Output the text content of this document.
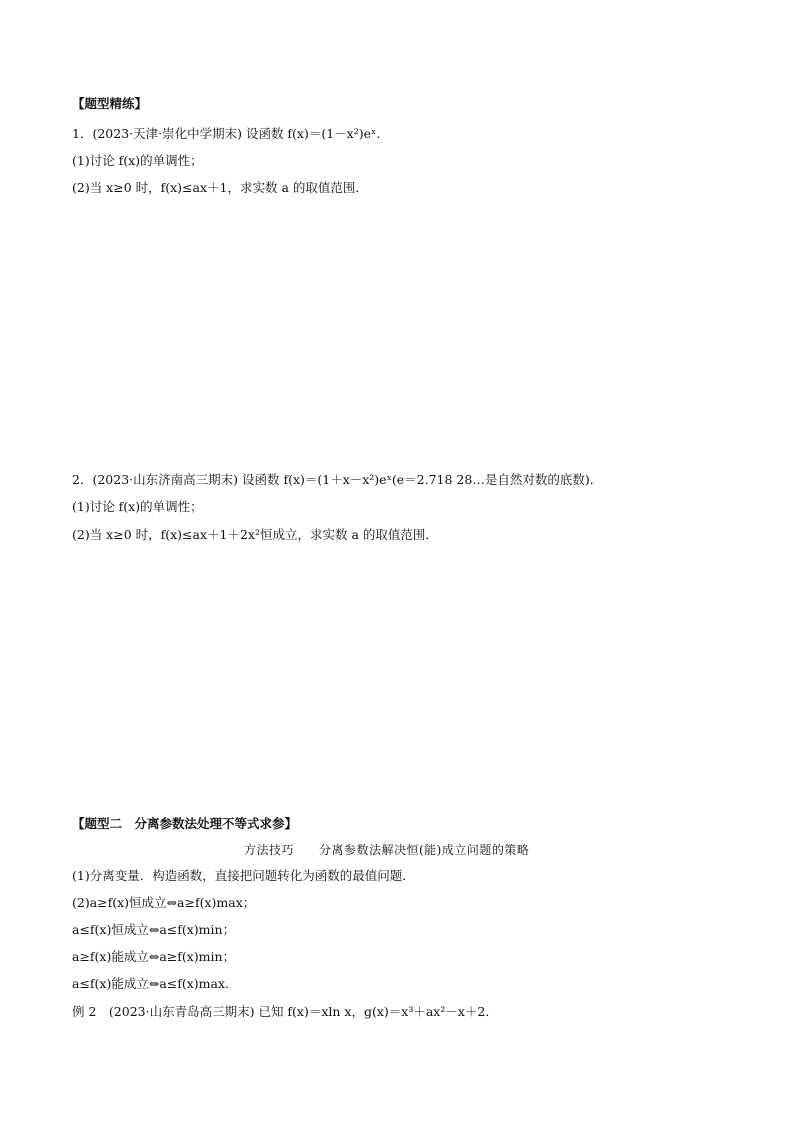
【题型精练】
1．(2023·天津·崇化中学期末) 设函数 f(x)＝(1－x²)eˣ.
(1)讨论 f(x)的单调性；
(2)当 x≥0 时，f(x)≤ax＋1，求实数 a 的取值范围．
2．(2023·山东济南高三期末) 设函数 f(x)＝(1＋x－x²)eˣ(e＝2.718 28…是自然对数的底数)．
(1)讨论 f(x)的单调性；
(2)当 x≥0 时，f(x)≤ax＋1＋2x²恒成立，求实数 a 的取值范围．
【题型二　分离参数法处理不等式求参】
方法技巧　　分离参数法解决恒(能)成立问题的策略
(1)分离变量．构造函数，直接把问题转化为函数的最值问题．
(2)a≥f(x)恒成立⇔a≥f(x)max；
a≤f(x)恒成立⇔a≤f(x)min；
a≥f(x)能成立⇔a≥f(x)min；
a≤f(x)能成立⇔a≤f(x)max.
例 2　(2023·山东青岛高三期末) 已知 f(x)＝xln x，g(x)＝x³＋ax²－x＋2．
